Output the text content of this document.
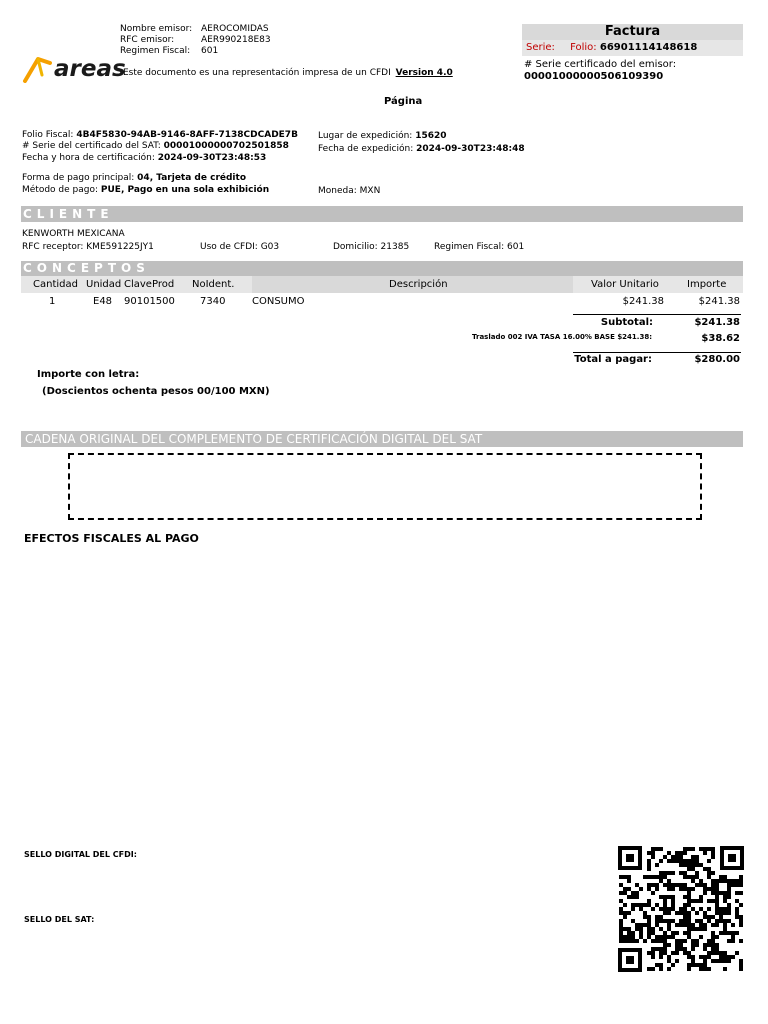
Nombre emisor: AEROCOMIDAS
RFC emisor:	AER990218E83
Regimen Fiscal: 601
areas
Este documento es una representación impresa de un CFDI Version 4.0
Factura
Serie: Folio: 66901114148618
# Serie certificado del emisor:
00001000000506109390
Página
Folio Fiscal: 4B4F5830-94AB-9146-8AFF-7138CDCADE7B
# Serie del certificado del SAT: 00001000000702501858
Fecha y hora de certificación: 2024-09-30T23:48:53
Lugar de expedición: 15620
Fecha de expedición: 2024-09-30T23:48:48
Forma de pago principal: 04, Tarjeta de crédito
Método de pago: PUE, Pago en una sola exhibición	Moneda: MXN
CLIENTE
KENWORTH MEXICANA
RFC receptor: KME591225JY1	Uso de CFDI: G03	Domicilio: 21385	Regimen Fiscal: 601
CONCEPTOS
Cantidad Unidad ClaveProd NoIdent.	Descripción	Valor Unitario	Importe
1	E48 90101500	7340	CONSUMO	$241.38	$241.38
Subtotal:	$241.38
Traslado 002 IVA TASA 16.00% BASE $241.38:	$38.62
Total a pagar:	$280.00
Importe con letra:
(Doscientos ochenta pesos 00/100 MXN)
CADENA ORIGINAL DEL COMPLEMENTO DE CERTIFICACIÓN DIGITAL DEL SAT
EFECTOS FISCALES AL PAGO
SELLO DIGITAL DEL CFDI:
SELLO DEL SAT:
